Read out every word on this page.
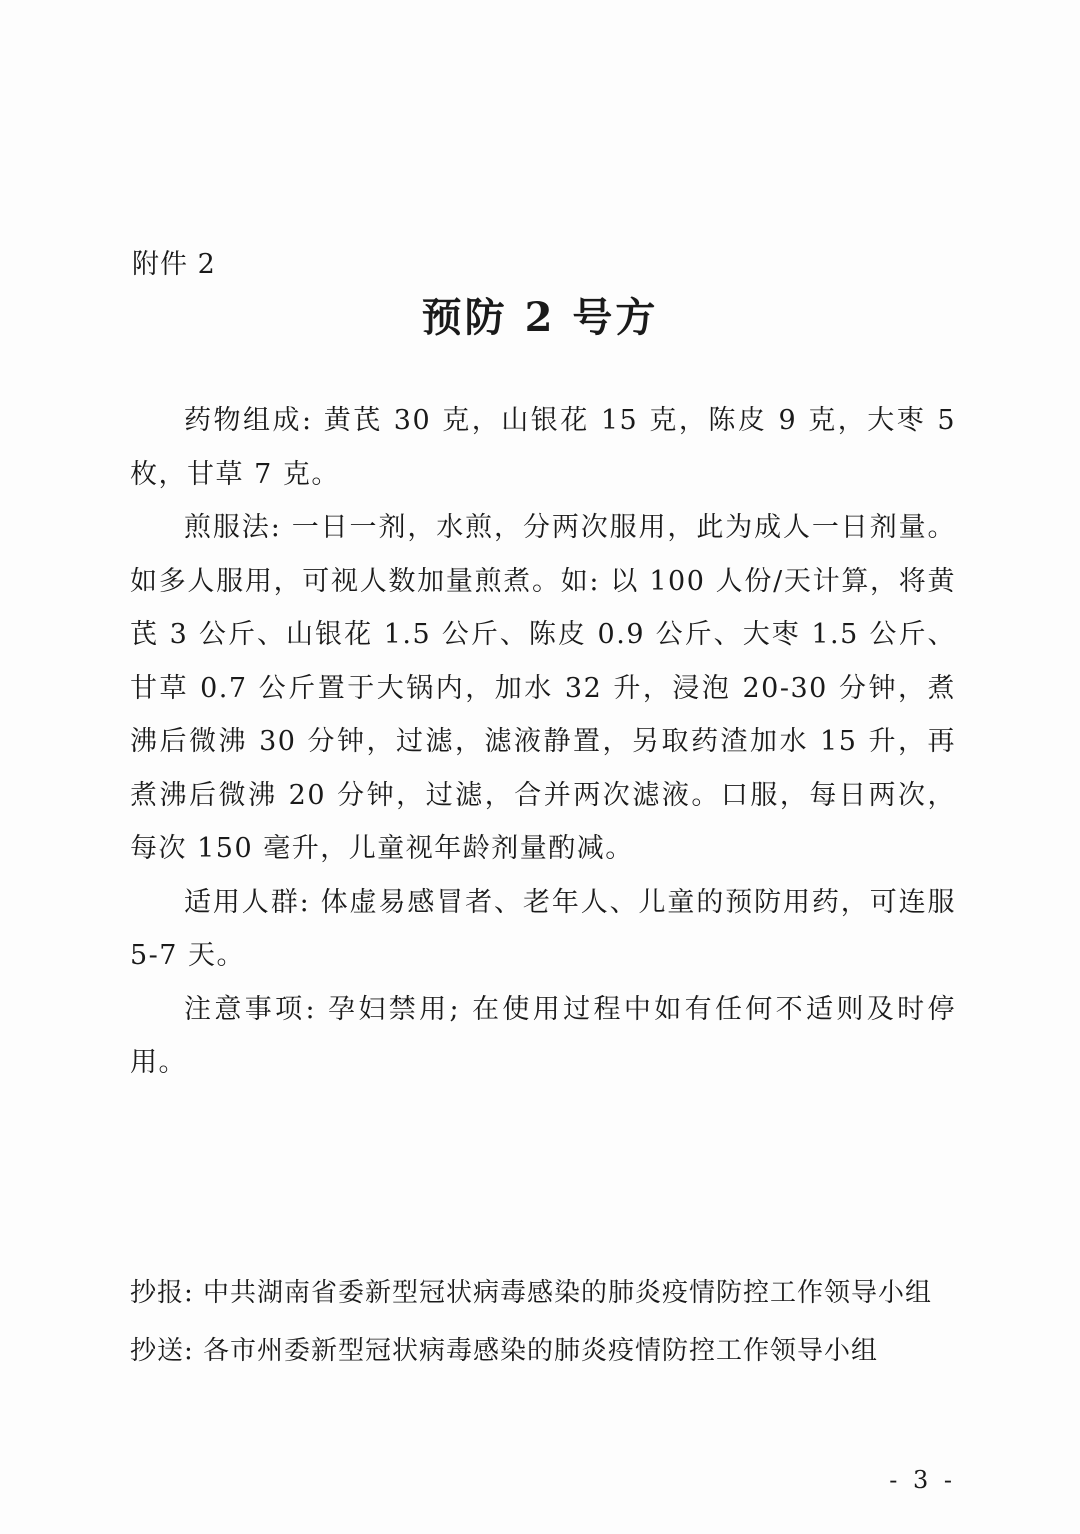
附件 2
预防 2 号方

药物组成: 黄芪 30 克，山银花 15 克，陈皮 9 克，大枣 5 枚，甘草 7 克。

煎服法: 一日一剂，水煎，分两次服用，此为成人一日剂量。如多人服用，可视人数加量煎煮。如: 以 100 人份/天计算，将黄芪 3 公斤、山银花 1.5 公斤、陈皮 0.9 公斤、大枣 1.5 公斤、甘草 0.7 公斤置于大锅内，加水 32 升，浸泡 20-30 分钟，煮沸后微沸 30 分钟，过滤，滤液静置，另取药渣加水 15 升，再煮沸后微沸 20 分钟，过滤，合并两次滤液。口服，每日两次，每次 150 毫升，儿童视年龄剂量酌减。

适用人群: 体虚易感冒者、老年人、儿童的预防用药，可连服 5-7 天。

注意事项: 孕妇禁用; 在使用过程中如有任何不适则及时停用。

抄报: 中共湖南省委新型冠状病毒感染的肺炎疫情防控工作领导小组
抄送: 各市州委新型冠状病毒感染的肺炎疫情防控工作领导小组
- 3 -
